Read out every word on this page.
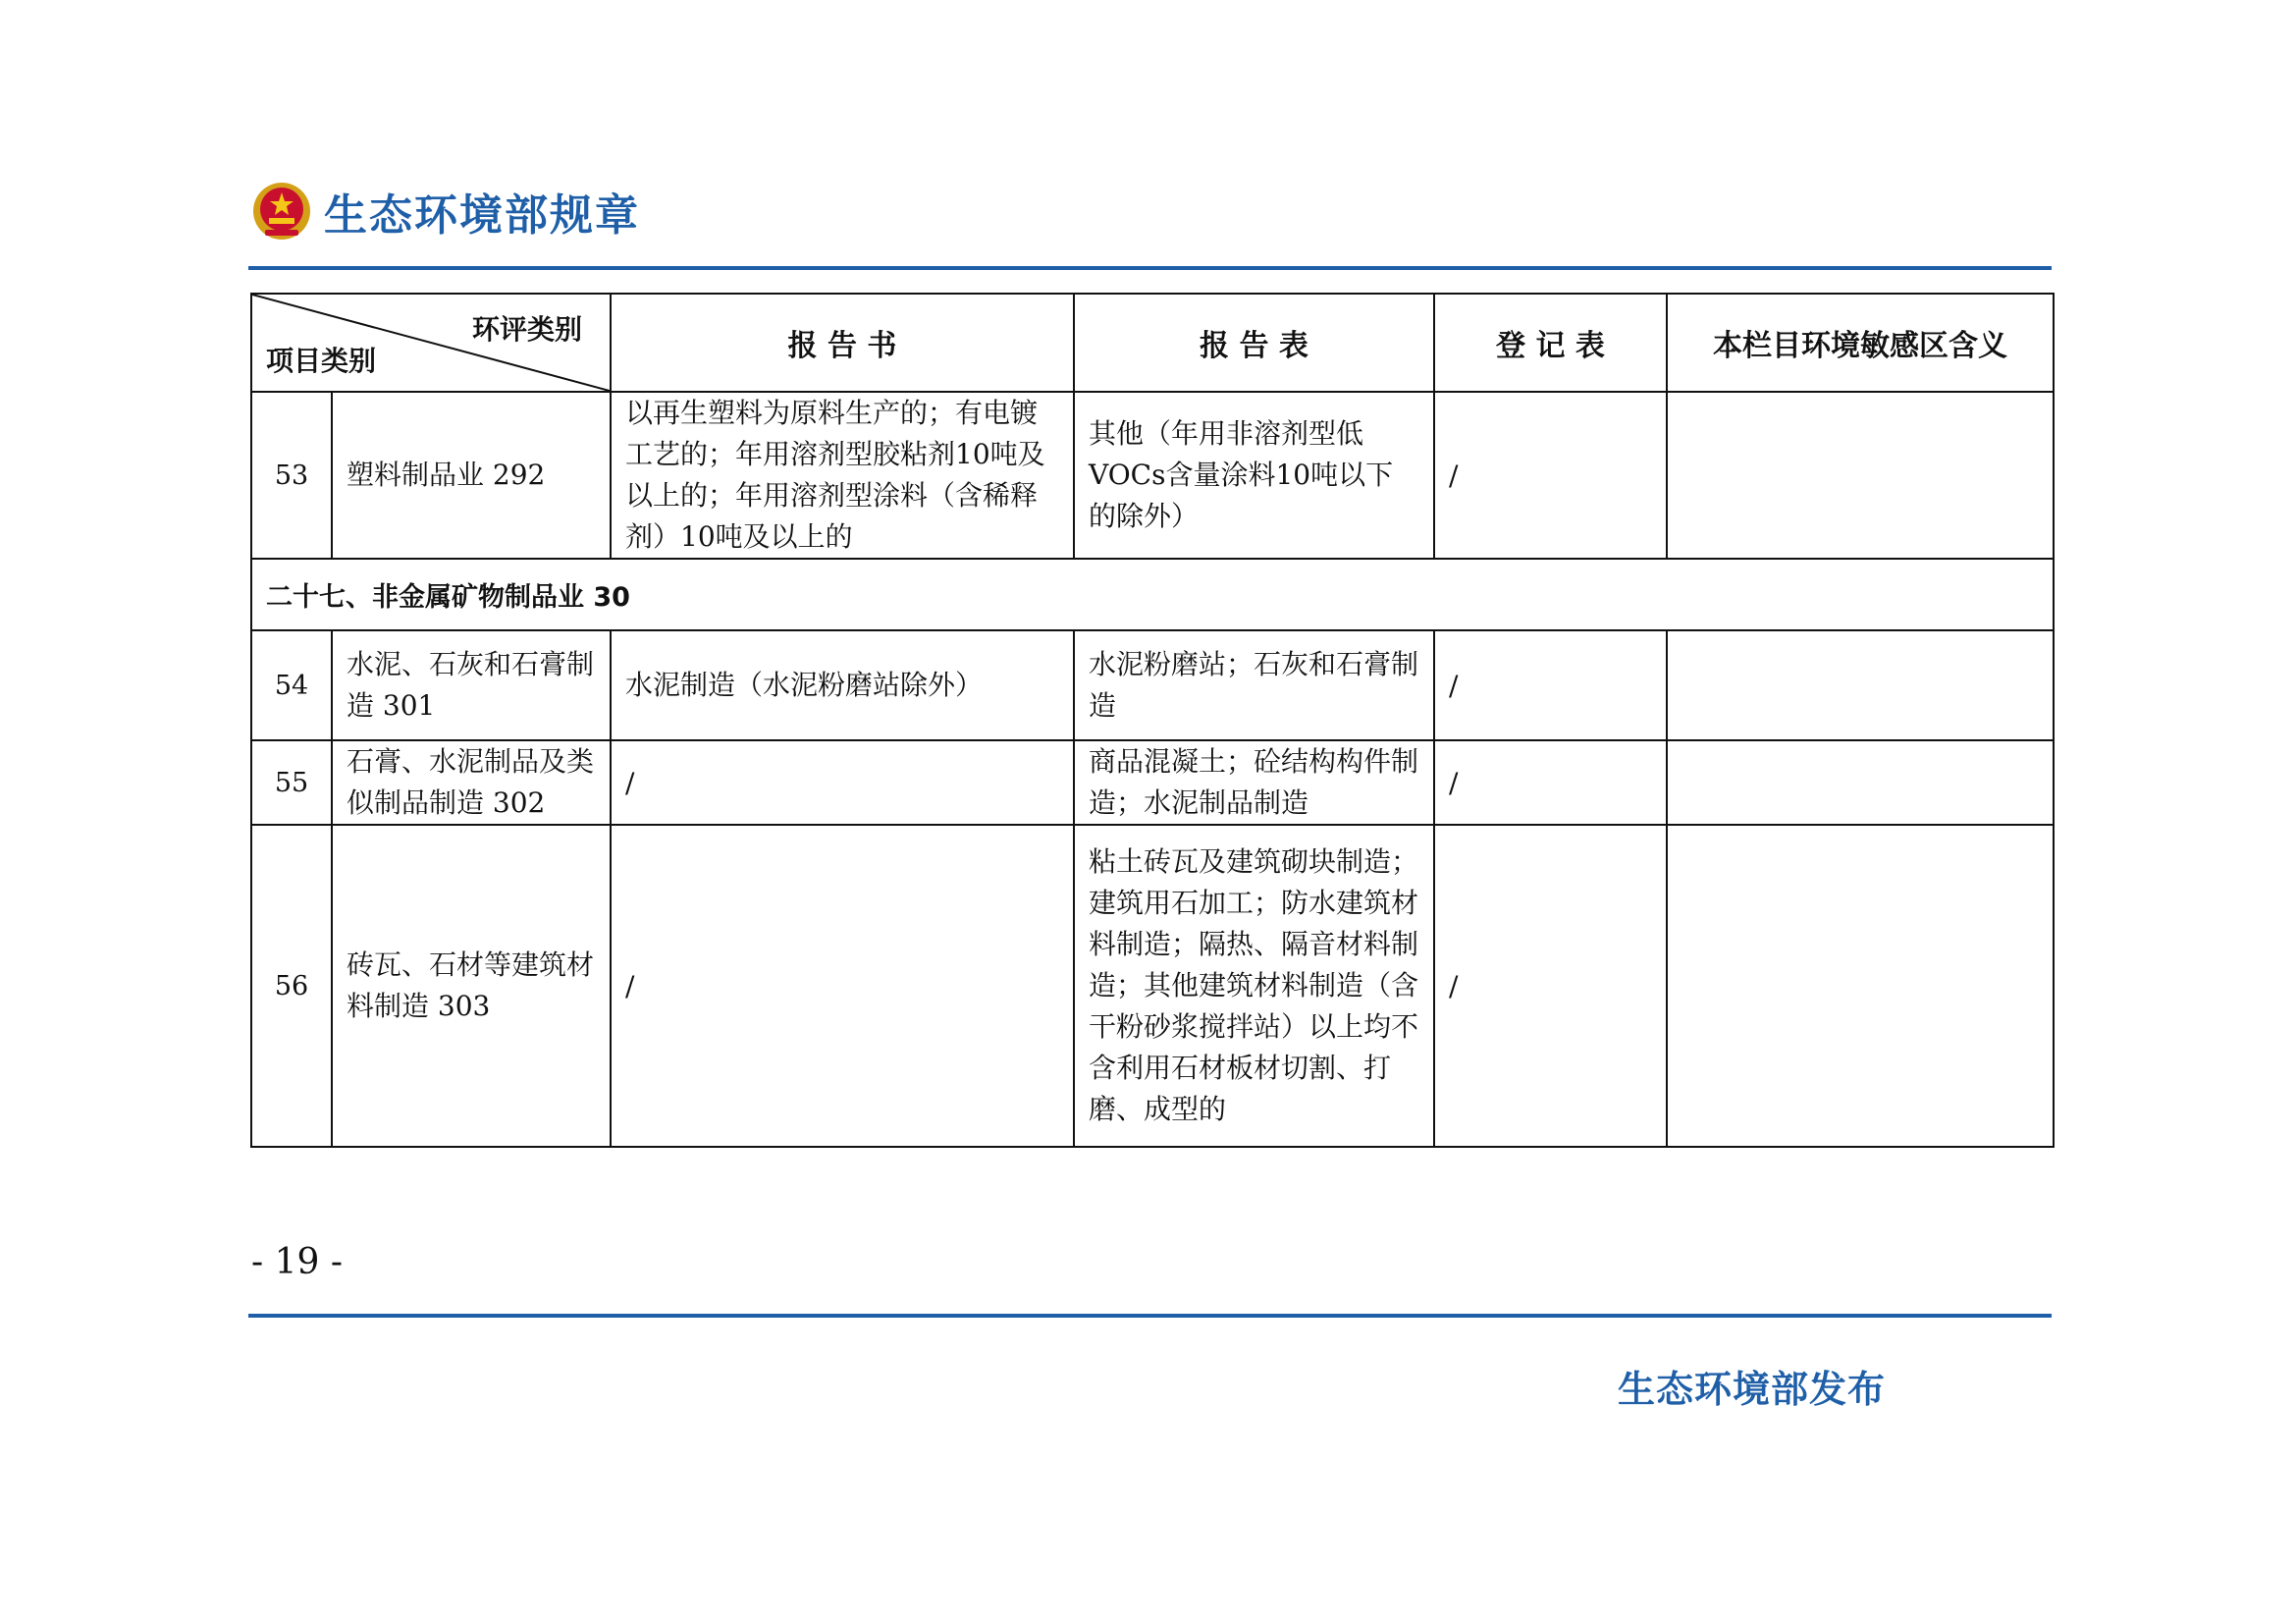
生态环境部规章
环评类别
项目类别		报 告 书	报 告 表	登 记 表	本栏目环境敏感区含义
53	塑料制品业 292	以再生塑料为原料生产的；有电镀工艺的；年用溶剂型胶粘剂10吨及以上的；年用溶剂型涂料（含稀释剂）10吨及以上的	其他（年用非溶剂型低VOCs含量涂料10吨以下的除外）	/	
二十七、非金属矿物制品业 30					
54	水泥、石灰和石膏制造 301	水泥制造（水泥粉磨站除外）	水泥粉磨站；石灰和石膏制造	/	
55	石膏、水泥制品及类似制品制造 302	/	商品混凝土；砼结构构件制造；水泥制品制造	/	
56	砖瓦、石材等建筑材料制造 303	/	粘土砖瓦及建筑砌块制造；建筑用石加工；防水建筑材料制造；隔热、隔音材料制造；其他建筑材料制造（含干粉砂浆搅拌站）以上均不含利用石材板材切割、打磨、成型的	/	
- 19 -
生态环境部发布
